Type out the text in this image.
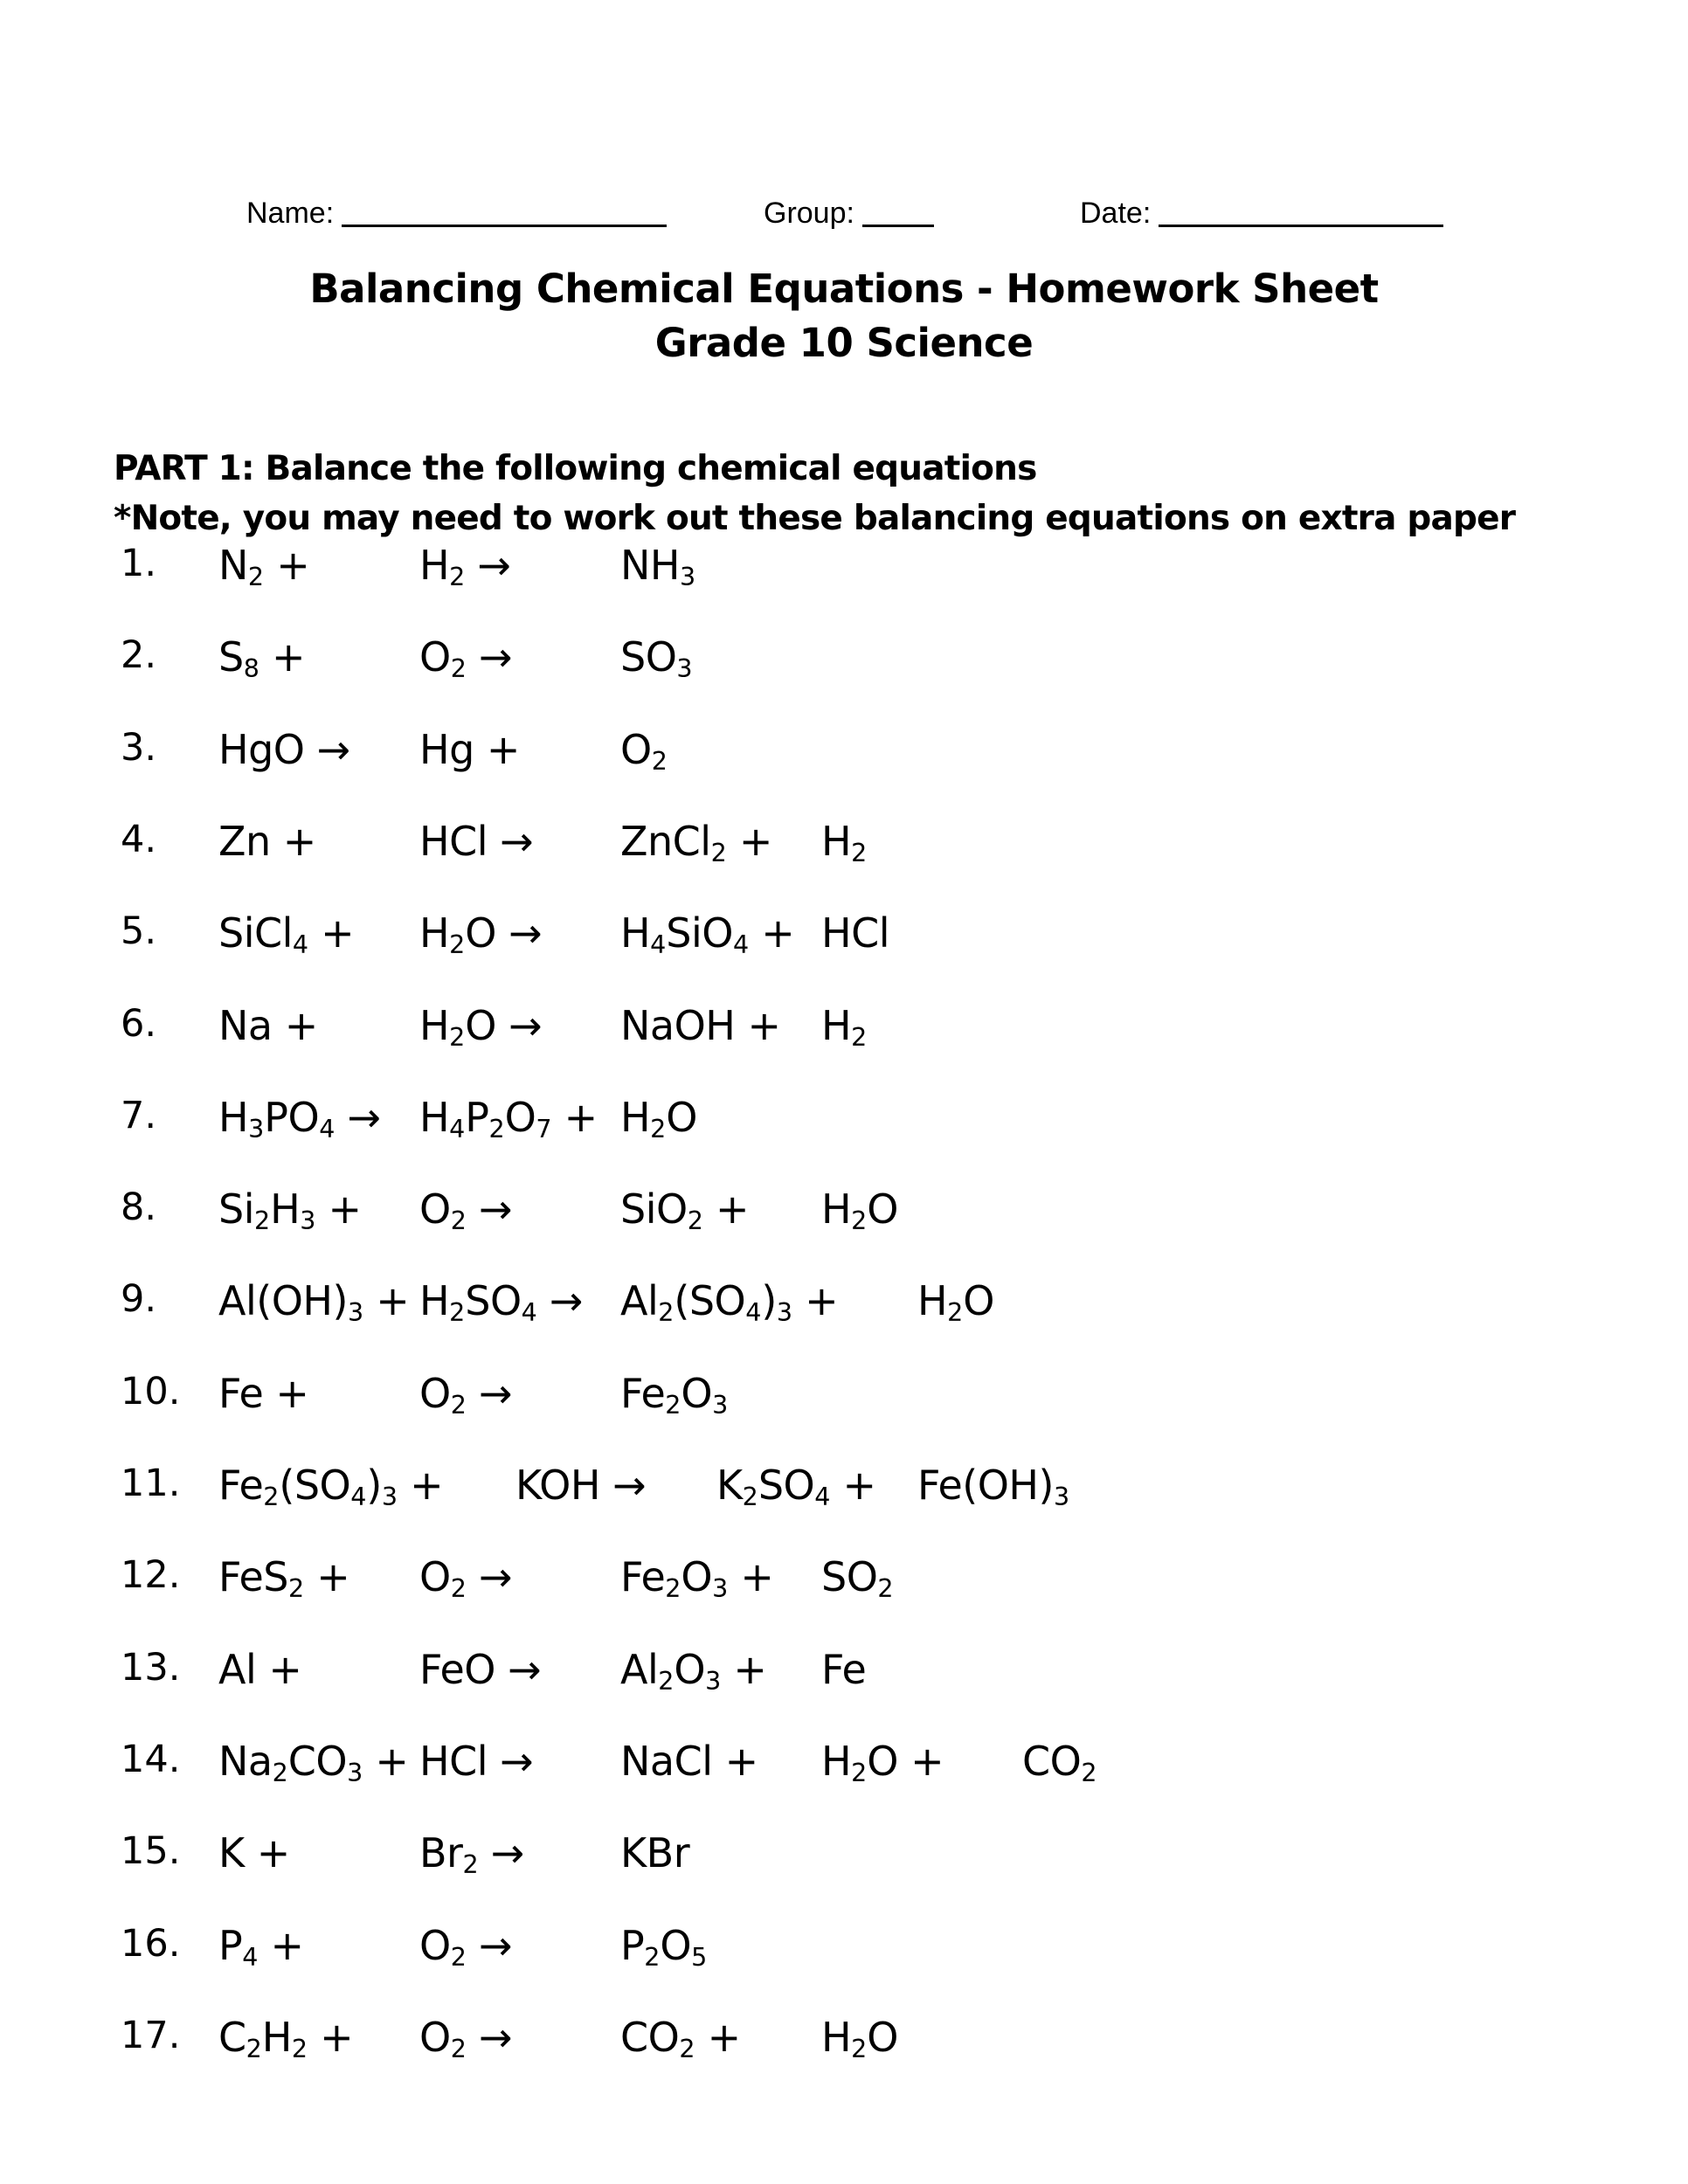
Name:	Group:	Date:
Balancing Chemical Equations - Homework Sheet
Grade 10 Science
PART 1: Balance the following chemical equations
*Note, you may need to work out these balancing equations on extra paper
1. $N_2$ +	$H_2$ →	$NH_3$
2. $S_8$ +	$O_2$ →	$SO_3$
3. HgO → Hg +	$O_2$
4. Zn +	HCl → ZnCl$_2$ + $H_2$
5. SiCl$_4$ + $H_2O \to H_4SiO_4$ + HCl
6. Na +	$H_2O$ → NaOH + $H_2$
7. $H_3PO_4 \to H_4P_2O_7 + H_2O$
8. $Si_2H_3 + O_2$ →	$SiO_2 + H_2O$
9. $Al(OH)_3 + H_2SO_4 \to Al_2(SO_4)_3 + H_2O$
10. Fe +	$O_2$ →	$Fe_2O_3$
11. $Fe_2(SO_4)_3$ + KOH → $K_2SO_4 + Fe(OH)_3$
12. $FeS_2 + O_2$ →	$Fe_2O_3 + SO_2$
13. Al +	FeO → $Al_2O_3 + Fe$
14. $Na_2CO_3$ + HCl → NaCl + $H_2O + CO_2$
15. K +	$Br_2$ → KBr
16. $P_4$ +	$O_2$ →	$P_2O_5$
17. $C_2H_2 + O_2$ →	$CO_2 + H_2O$
